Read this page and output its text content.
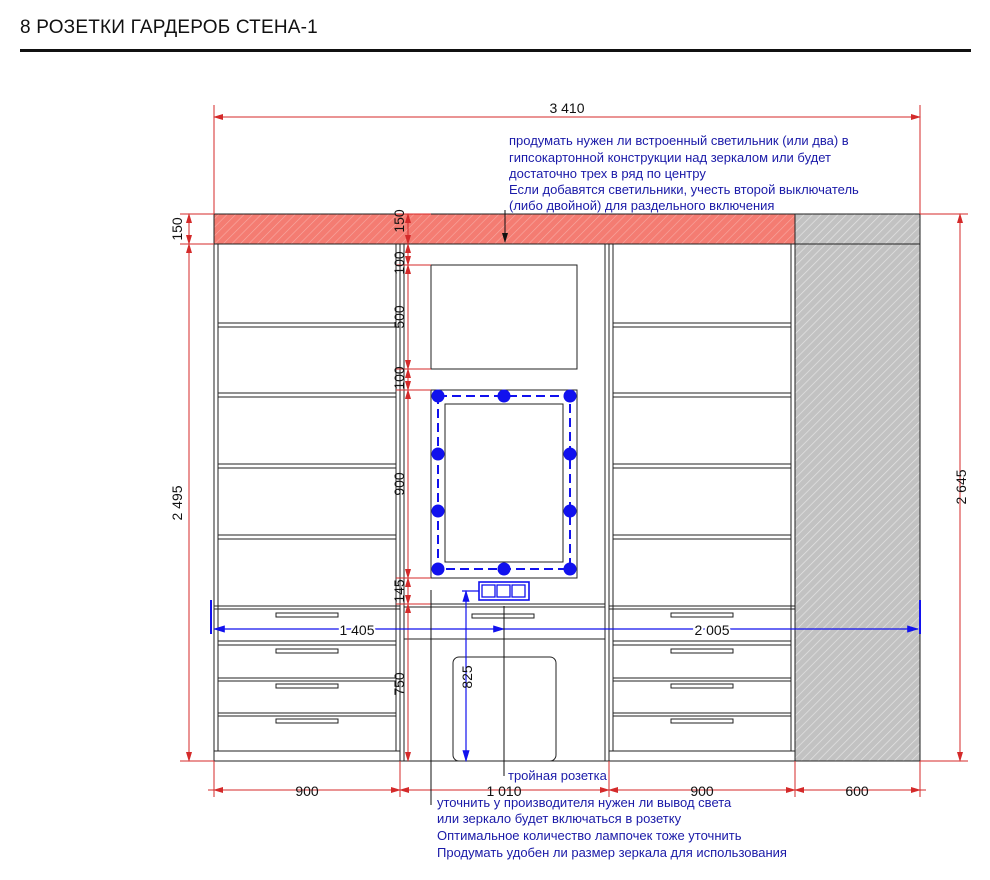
8 РОЗЕТКИ ГАРДЕРОБ СТЕНА-1
3 410
900	1 010	900	600
150
2 495	2 645
150
100
500
100
900
145
750	825
1 405	2 005
продумать нужен ли встроенный светильник (или два) в
гипсокартонной конструкции над зеркалом или будет
достаточно трех в ряд по центру
Если добавятся светильники, учесть второй выключатель
(либо двойной) для раздельного включения
тройная розетка
уточнить у производителя нужен ли вывод света
или зеркало будет включаться в розетку
Оптимальное количество лампочек тоже уточнить
Продумать удобен ли размер зеркала для использования
